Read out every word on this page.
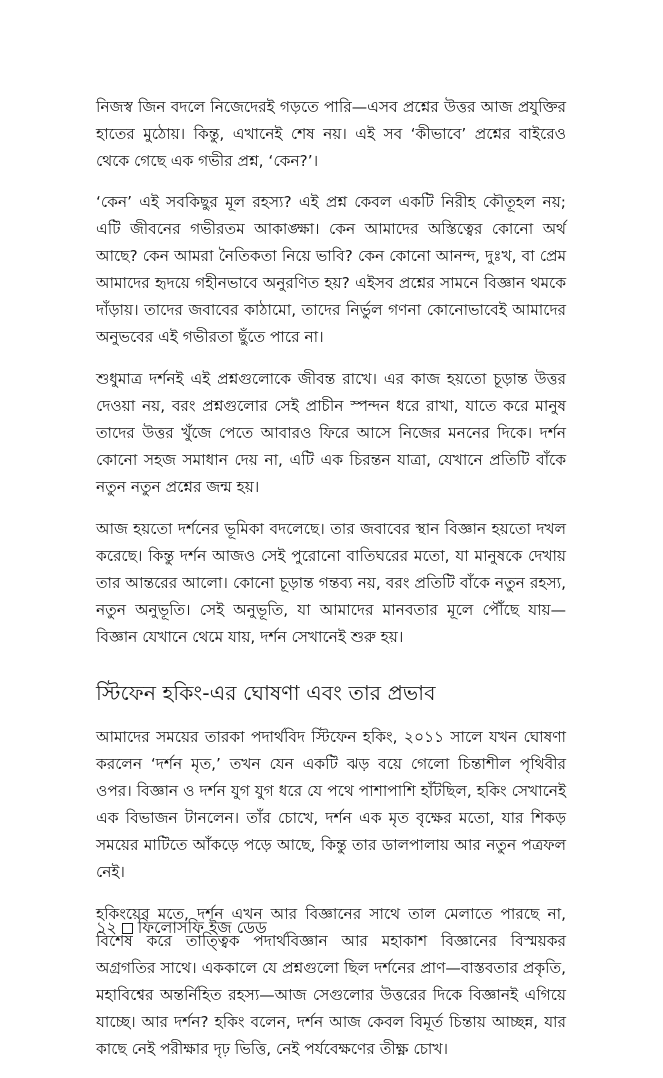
নিজস্ব জিন বদলে নিজেদেরই গড়তে পারি—এসব প্রশ্নের উত্তর আজ প্রযুক্তির হাতের মুঠোয়। কিন্তু, এখানেই শেষ নয়। এই সব ‘কীভাবে’ প্রশ্নের বাইরেও থেকে গেছে এক গভীর প্রশ্ন, ‘কেন?’।

‘কেন’ এই সবকিছুর মূল রহস্য? এই প্রশ্ন কেবল একটি নিরীহ কৌতূহল নয়; এটি জীবনের গভীরতম আকাঙ্ক্ষা। কেন আমাদের অস্তিত্বের কোনো অর্থ আছে? কেন আমরা নৈতিকতা নিয়ে ভাবি? কেন কোনো আনন্দ, দুঃখ, বা প্রেম আমাদের হৃদয়ে গহীনভাবে অনুরণিত হয়? এইসব প্রশ্নের সামনে বিজ্ঞান থমকে দাঁড়ায়। তাদের জবাবের কাঠামো, তাদের নির্ভুল গণনা কোনোভাবেই আমাদের অনুভবের এই গভীরতা ছুঁতে পারে না।

শুধুমাত্র দর্শনই এই প্রশ্নগুলোকে জীবন্ত রাখে। এর কাজ হয়তো চূড়ান্ত উত্তর দেওয়া নয়, বরং প্রশ্নগুলোর সেই প্রাচীন স্পন্দন ধরে রাখা, যাতে করে মানুষ তাদের উত্তর খুঁজে পেতে আবারও ফিরে আসে নিজের মননের দিকে। দর্শন কোনো সহজ সমাধান দেয় না, এটি এক চিরন্তন যাত্রা, যেখানে প্রতিটি বাঁকে নতুন নতুন প্রশ্নের জন্ম হয়।

আজ হয়তো দর্শনের ভূমিকা বদলেছে। তার জবাবের স্থান বিজ্ঞান হয়তো দখল করেছে। কিন্তু দর্শন আজও সেই পুরোনো বাতিঘরের মতো, যা মানুষকে দেখায় তার আন্তরের আলো। কোনো চূড়ান্ত গন্তব্য নয়, বরং প্রতিটি বাঁকে নতুন রহস্য, নতুন অনুভূতি। সেই অনুভূতি, যা আমাদের মানবতার মূলে পৌঁছে যায়—বিজ্ঞান যেখানে থেমে যায়, দর্শন সেখানেই শুরু হয়।

স্টিফেন হকিং-এর ঘোষণা এবং তার প্রভাব

আমাদের সময়ের তারকা পদার্থবিদ স্টিফেন হকিং, ২০১১ সালে যখন ঘোষণা করলেন ‘দর্শন মৃত,’ তখন যেন একটি ঝড় বয়ে গেলো চিন্তাশীল পৃথিবীর ওপর। বিজ্ঞান ও দর্শন যুগ যুগ ধরে যে পথে পাশাপাশি হাঁটছিল, হকিং সেখানেই এক বিভাজন টানলেন। তাঁর চোখে, দর্শন এক মৃত বৃক্ষের মতো, যার শিকড় সময়ের মাটিতে আঁকড়ে পড়ে আছে, কিন্তু তার ডালপালায় আর নতুন পত্রফল নেই।

হকিংয়ের মতে, দর্শন এখন আর বিজ্ঞানের সাথে তাল মেলাতে পারছে না, বিশেষ করে তাত্ত্বিক পদার্থবিজ্ঞান আর মহাকাশ বিজ্ঞানের বিস্ময়কর অগ্রগতির সাথে। এককালে যে প্রশ্নগুলো ছিল দর্শনের প্রাণ—বাস্তবতার প্রকৃতি, মহাবিশ্বের অন্তর্নিহিত রহস্য—আজ সেগুলোর উত্তরের দিকে বিজ্ঞানই এগিয়ে যাচ্ছে। আর দর্শন? হকিং বলেন, দর্শন আজ কেবল বিমূর্ত চিন্তায় আচ্ছন্ন, যার কাছে নেই পরীক্ষার দৃঢ় ভিত্তি, নেই পর্যবেক্ষণের তীক্ষ্ণ চোখ।

১২ ফিলোসফি ইজ ডেড
